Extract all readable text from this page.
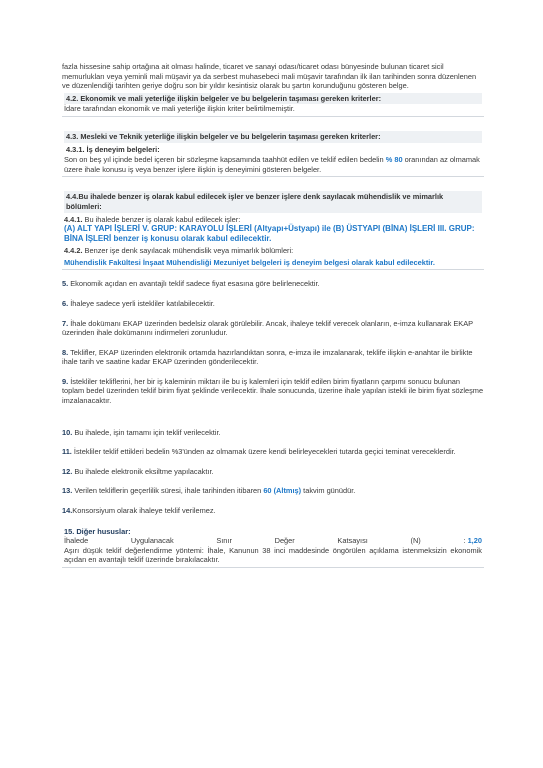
fazla hissesine sahip ortağına ait olması halinde, ticaret ve sanayi odası/ticaret odası bünyesinde bulunan ticaret sicil memurlukları veya yeminli mali müşavir ya da serbest muhasebeci mali müşavir tarafından ilk ilan tarihinden sonra düzenlenen ve düzenlendiği tarihten geriye doğru son bir yıldır kesintisiz olarak bu şartın korunduğunu gösteren belge.

4.2. Ekonomik ve mali yeterliğe ilişkin belgeler ve bu belgelerin taşıması gereken kriterler:

İdare tarafından ekonomik ve mali yeterliğe ilişkin kriter belirtilmemiştir.

4.3. Mesleki ve Teknik yeterliğe ilişkin belgeler ve bu belgelerin taşıması gereken kriterler:

4.3.1. İş deneyim belgeleri:

Son on beş yıl içinde bedel içeren bir sözleşme kapsamında taahhüt edilen ve teklif edilen bedelin % 80 oranından az olmamak üzere ihale konusu iş veya benzer işlere ilişkin iş deneyimini gösteren belgeler.

4.4.Bu ihalede benzer iş olarak kabul edilecek işler ve benzer işlere denk sayılacak mühendislik ve mimarlık bölümleri:

4.4.1. Bu ihalede benzer iş olarak kabul edilecek işler:

(A) ALT YAPI İŞLERİ V. GRUP: KARAYOLU İŞLERİ (Altyapı+Üstyapı) ile (B) ÜSTYAPI (BİNA) İŞLERİ III. GRUP: BİNA İŞLERİ benzer iş konusu olarak kabul edilecektir.

4.4.2. Benzer işe denk sayılacak mühendislik veya mimarlık bölümleri:

Mühendislik Fakültesi İnşaat Mühendisliği Mezuniyet belgeleri iş deneyim belgesi olarak kabul edilecektir.

5. Ekonomik açıdan en avantajlı teklif sadece fiyat esasına göre belirlenecektir.

6. İhaleye sadece yerli istekliler katılabilecektir.

7. İhale dokümanı EKAP üzerinden bedelsiz olarak görülebilir. Ancak, ihaleye teklif verecek olanların, e-imza kullanarak EKAP üzerinden ihale dokümanını indirmeleri zorunludur.

8. Teklifler, EKAP üzerinden elektronik ortamda hazırlandıktan sonra, e-imza ile imzalanarak, teklife ilişkin e-anahtar ile birlikte ihale tarih ve saatine kadar EKAP üzerinden gönderilecektir.

9. İstekliler tekliflerini, her bir iş kaleminin miktarı ile bu iş kalemleri için teklif edilen birim fiyatların çarpımı sonucu bulunan toplam bedel üzerinden teklif birim fiyat şeklinde verilecektir. İhale sonucunda, üzerine ihale yapılan istekli ile birim fiyat sözleşme imzalanacaktır.

10. Bu ihalede, işin tamamı için teklif verilecektir.

11. İstekliler teklif ettikleri bedelin %3'ünden az olmamak üzere kendi belirleyecekleri tutarda geçici teminat vereceklerdir.

12. Bu ihalede elektronik eksiltme yapılacaktır.

13. Verilen tekliflerin geçerlilik süresi, ihale tarihinden itibaren 60 (Altmış) takvim günüdür.

14.Konsorsiyum olarak ihaleye teklif verilemez.

15. Diğer hususlar:

İhalede	Uygulanacak	Sınır	Değer	Katsayısı	(N)	: 1,20

Aşırı düşük teklif değerlendirme yöntemi: İhale, Kanunun 38 inci maddesinde öngörülen açıklama istenmeksizin ekonomik açıdan en avantajlı teklif üzerinde bırakılacaktır.
